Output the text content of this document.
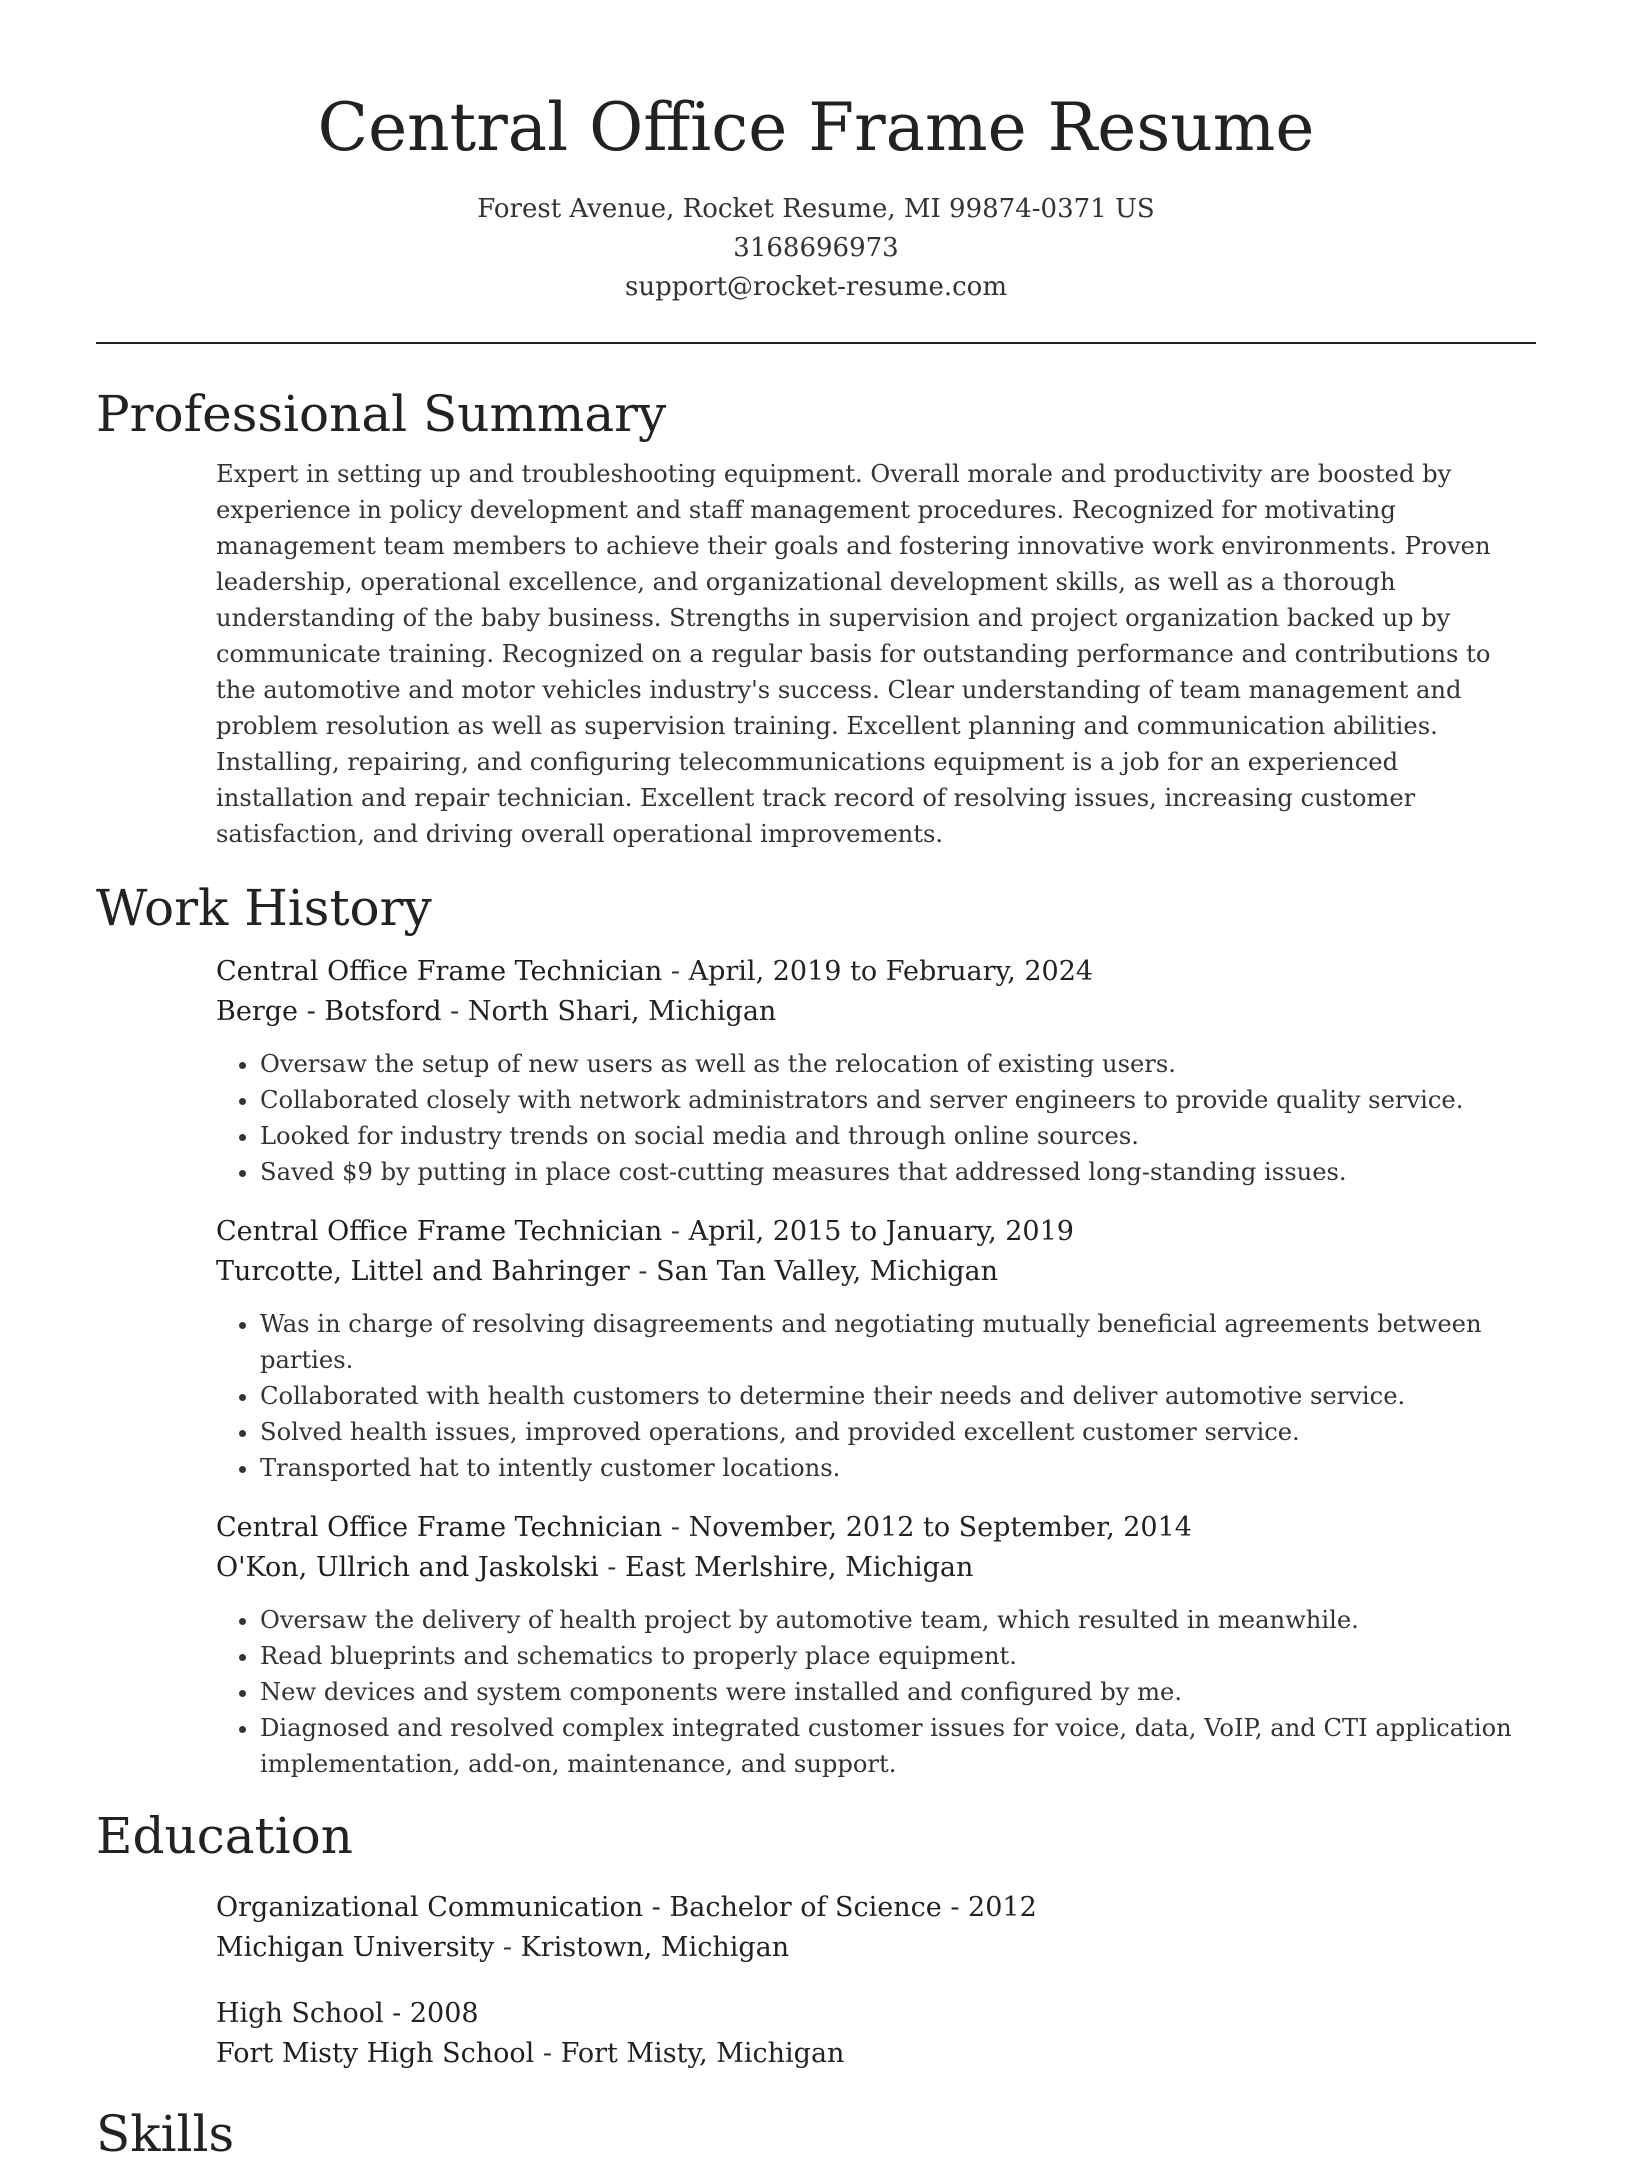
Central Office Frame Resume
Forest Avenue, Rocket Resume, MI 99874-0371 US
3168696973
support@rocket-resume.com
Professional Summary

Expert in setting up and troubleshooting equipment. Overall morale and productivity are boosted by experience in policy development and staff management procedures. Recognized for motivating management team members to achieve their goals and fostering innovative work environments. Proven leadership, operational excellence, and organizational development skills, as well as a thorough understanding of the baby business. Strengths in supervision and project organization backed up by communicate training. Recognized on a regular basis for outstanding performance and contributions to the automotive and motor vehicles industry's success. Clear understanding of team management and problem resolution as well as supervision training. Excellent planning and communication abilities. Installing, repairing, and configuring telecommunications equipment is a job for an experienced installation and repair technician. Excellent track record of resolving issues, increasing customer satisfaction, and driving overall operational improvements.

Work History
Central Office Frame Technician - April, 2019 to February, 2024
Berge - Botsford - North Shari, Michigan
• Oversaw the setup of new users as well as the relocation of existing users.
• Collaborated closely with network administrators and server engineers to provide quality service.
• Looked for industry trends on social media and through online sources.
• Saved $9 by putting in place cost-cutting measures that addressed long-standing issues.
Central Office Frame Technician - April, 2015 to January, 2019
Turcotte, Littel and Bahringer - San Tan Valley, Michigan
• Was in charge of resolving disagreements and negotiating mutually beneficial agreements between parties.
• Collaborated with health customers to determine their needs and deliver automotive service.
• Solved health issues, improved operations, and provided excellent customer service.
• Transported hat to intently customer locations.
Central Office Frame Technician - November, 2012 to September, 2014
O'Kon, Ullrich and Jaskolski - East Merlshire, Michigan
• Oversaw the delivery of health project by automotive team, which resulted in meanwhile.
• Read blueprints and schematics to properly place equipment.
• New devices and system components were installed and configured by me.
• Diagnosed and resolved complex integrated customer issues for voice, data, VoIP, and CTI application implementation, add-on, maintenance, and support.
Education
Organizational Communication - Bachelor of Science - 2012
Michigan University - Kristown, Michigan
High School - 2008
Fort Misty High School - Fort Misty, Michigan
Skills
